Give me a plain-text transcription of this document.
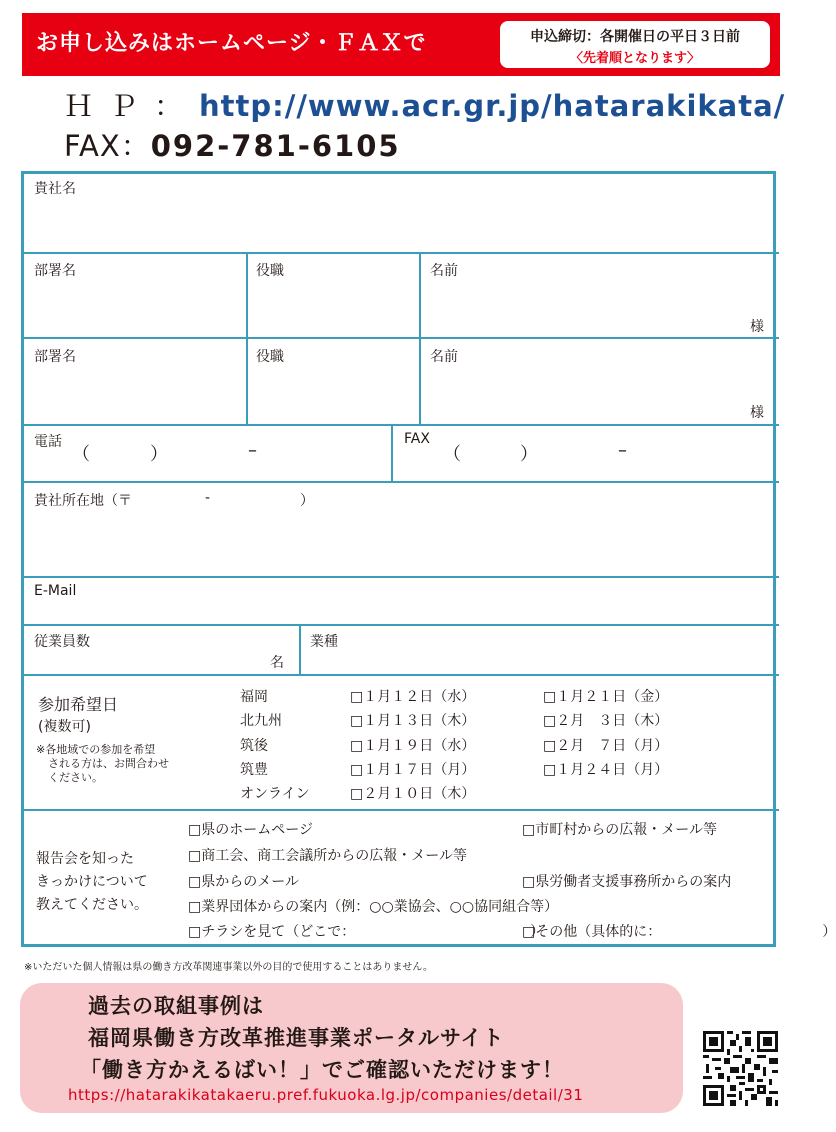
お申し込みはホームページ・ＦＡＸで	申込締切：各開催日の平日３日前
〈先着順となります〉
ＨＰ：http://www.acr.gr.jp/hatarakikata/
FAX：092-781-6105
貴社名
部署名	役職	名前
様
部署名	役職	名前
様
電話
（	）	–
FAX
（	）	–
貴社所在地（〒	-	）
E-Mail
従業員数
名
業種
参加希望日
(複数可)
※各地域での参加を希望
される方は、お問合わせ
ください。
福岡	□１月１２日（水）	□１月２１日（金）
北九州	□１月１３日（木）	□２月　３日（木）
筑後	□１月１９日（水）	□２月　７日（月）
筑豊	□１月１７日（月）	□１月２４日（月）
オンライン	□２月１０日（木）
報告会を知った
きっかけについて
教えてください。
□県のホームページ
□商工会、商工会議所からの広報・メール等
□県からのメール
□業界団体からの案内（例：○○業協会、○○協同組合等）
□チラシを見て（どこで：　　　　　　　　　　　　　）
□市町村からの広報・メール等
□県労働者支援事務所からの案内
□その他（具体的に：　　　　　　　　　　　　）
※いただいた個人情報は県の働き方改革関連事業以外の目的で使用することはありません。
過去の取組事例は
福岡県働き方改革推進事業ポータルサイト
「働き方かえるばい！」でご確認いただけます！
https://hatarakikatakaeru.pref.fukuoka.lg.jp/companies/detail/31
